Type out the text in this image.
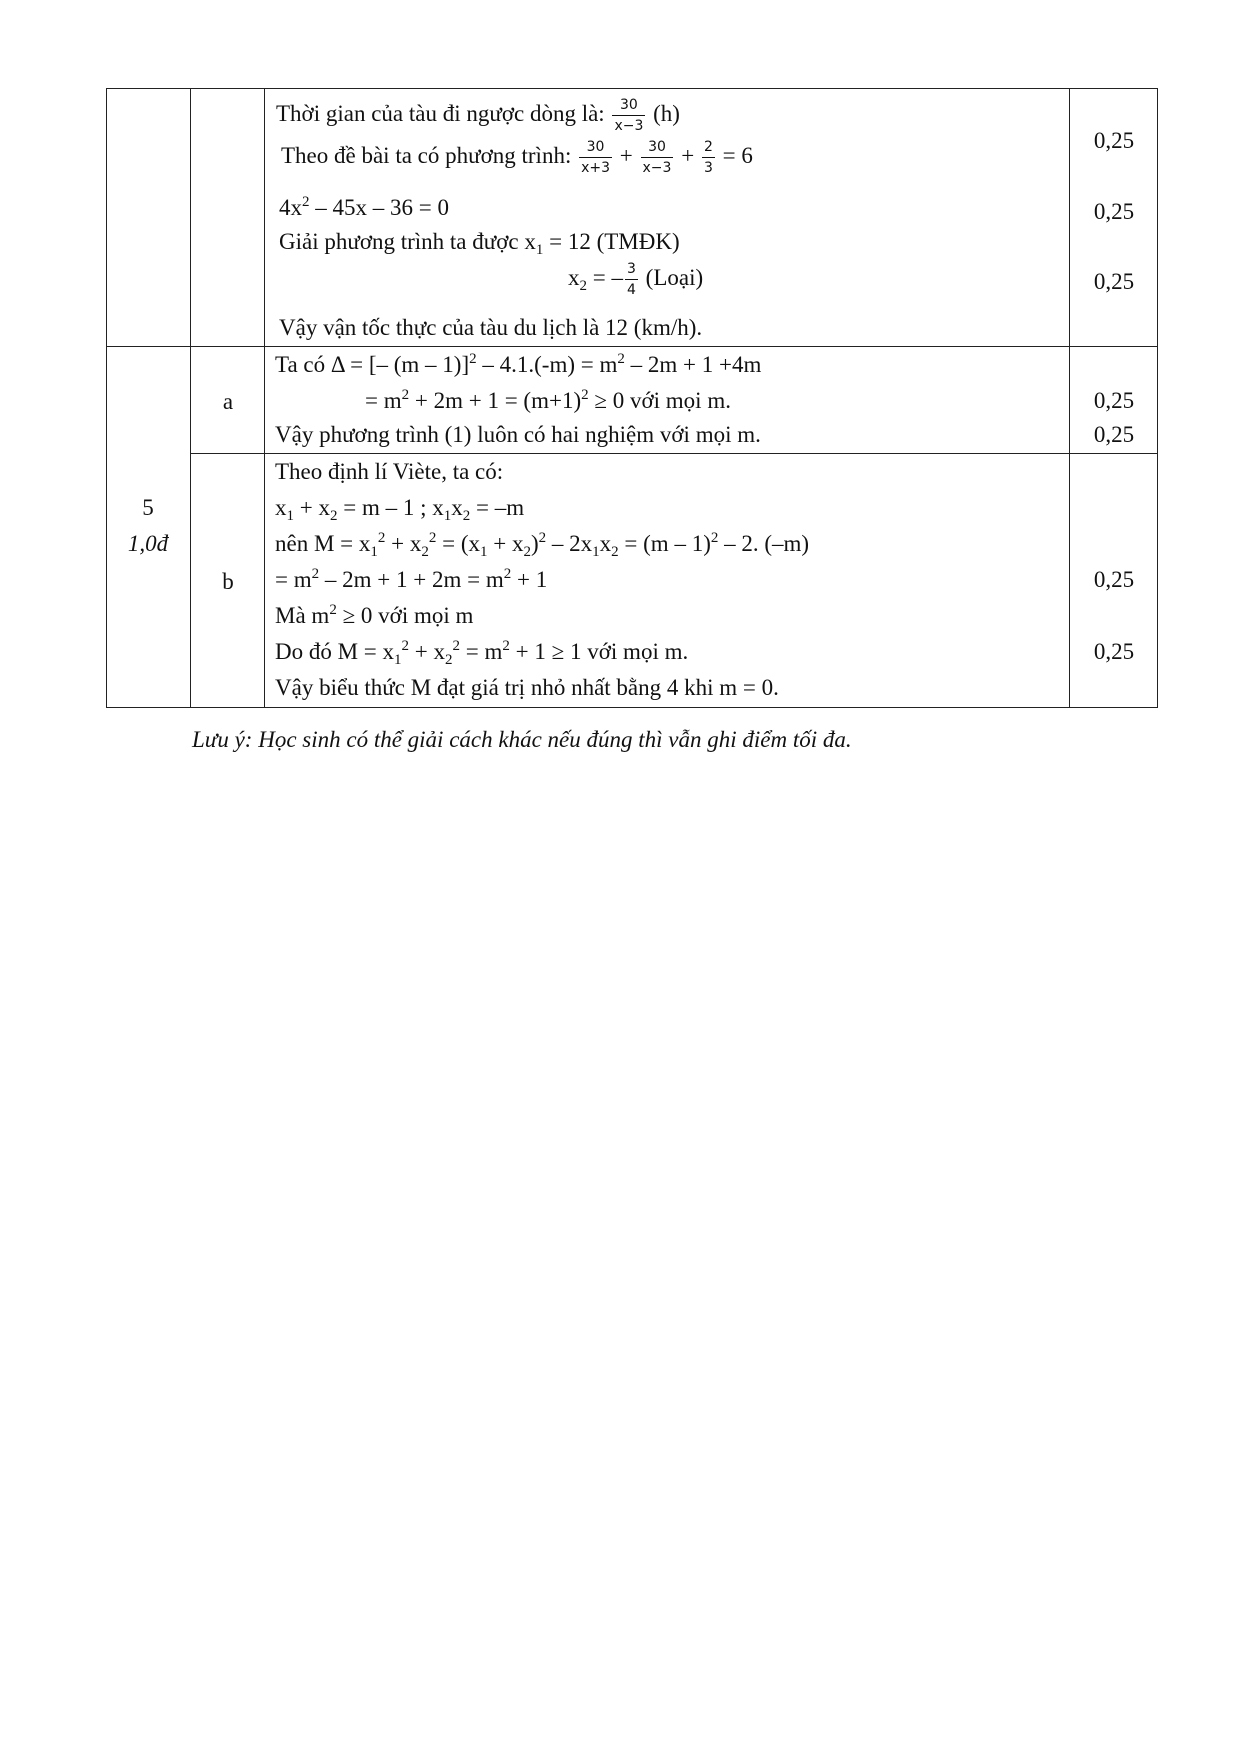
Thời gian của tàu đi ngược dòng là: $\frac{30}{x-3} (h)$
Theo đề bài ta có phương trình: $\frac{30}{x+3} + \frac{30}{x-3} + \frac{2}{3} = 6$
$4x^2 - 45x - 36 = 0$
Giải phương trình ta được $x_1 = 12$ (TMĐK)
$x_2$ = – $\frac{3}{4}$ (Loại)
Vậy vận tốc thực của tàu du lịch là 12 (km/h).
0,25
0,25
0,25
5
1,0đ
a
Ta có Δ = [– $(m - 1)]^2 - 4.1.(-m) = m^2 - 2m + 1 +4m$
= $m^2 + 2m + 1 = (m+1)^2 \ge 0$ với mọi m.
Vậy phương trình (1) luôn có hai nghiệm với mọi m.
0,25
0,25
b
Theo định lí Vièt​e, ta có:
$x_1 + x_2 = m - 1$ ; $x_1x_2 = -m$
nên $M = x_1^2 + x_2^2 = (x_1 + x_2)^2 - 2x_1x_2 = (m - 1)^2 - 2$. (–m)
= $m^2 - 2m + 1 + 2m = m^2 + 1$
Mà $m^2 \ge 0$ với mọi m
Do đó $M = x_1^2 + x_2^2 = m^2 + 1 \ge 1$ với mọi m.
Vậy biểu thức M đạt giá trị nhỏ nhất bằng 4 khi m = 0.
0,25
0,25
Lưu ý: Học sinh có thể giải cách khác nếu đúng thì vẫn ghi điểm tối đa.
